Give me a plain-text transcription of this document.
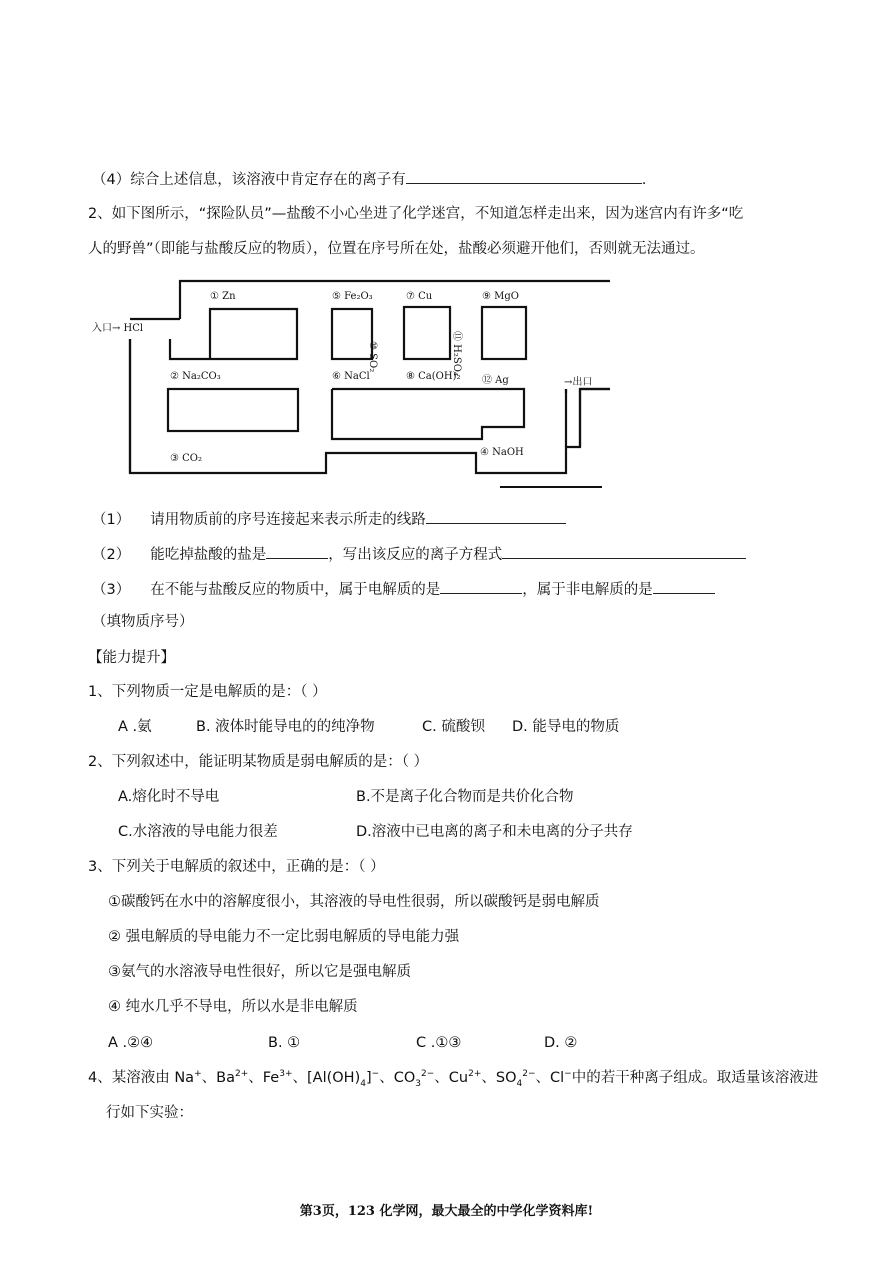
（4）综合上述信息，该溶液中肯定存在的离子有	.
2、如下图所示，“探险队员”—盐酸不小心坐进了化学迷宫，不知道怎样走出来，因为迷宫内有许多“吃
人的野兽”（即能与盐酸反应的物质），位置在序号所在处，盐酸必须避开他们，否则就无法通过。
入口→ HCl
→出口
① Zn
② Na₂CO₃
③ CO₂
④ NaOH
⑤ Fe₂O₃
⑥ NaCl
⑦ Cu
⑧ Ca(OH)₂
⑨ MgO
⑩ SO₂	⑪ H₂SO₄
⑫ Ag
（1） 请用物质前的序号连接起来表示所走的线路
（2） 能吃掉盐酸的盐是	，写出该反应的离子方程式
（3） 在不能与盐酸反应的物质中，属于电解质的是	，属于非电解质的是
（填物质序号）
【能力提升】
1、下列物质一定是电解质的是：（ ）
A .氨	B. 液体时能导电的的纯净物	C. 硫酸钡 D. 能导电的物质
2、下列叙述中，能证明某物质是弱电解质的是：（ ）
A.熔化时不导电	B.不是离子化合物而是共价化合物
C.水溶液的导电能力很差	D.溶液中已电离的离子和未电离的分子共存
3、下列关于电解质的叙述中，正确的是：（ ）
①碳酸钙在水中的溶解度很小，其溶液的导电性很弱，所以碳酸钙是弱电解质
② 强电解质的导电能力不一定比弱电解质的导电能力强
③氨气的水溶液导电性很好，所以它是强电解质
④ 纯水几乎不导电，所以水是非电解质
A .②④	B. ①	C .①③	D. ②
4、某溶液由 Na+、$Ba^{2+}$、$Fe^{3+}$、$[Al(OH)_4]^-$、$CO_3^{2-}$、$Cu^{2+}$、$SO_4^{2-}$、Cl−中的若干种离子组成。取适量该溶液进
行如下实验：
第3页，123 化学网，最大最全的中学化学资料库!
